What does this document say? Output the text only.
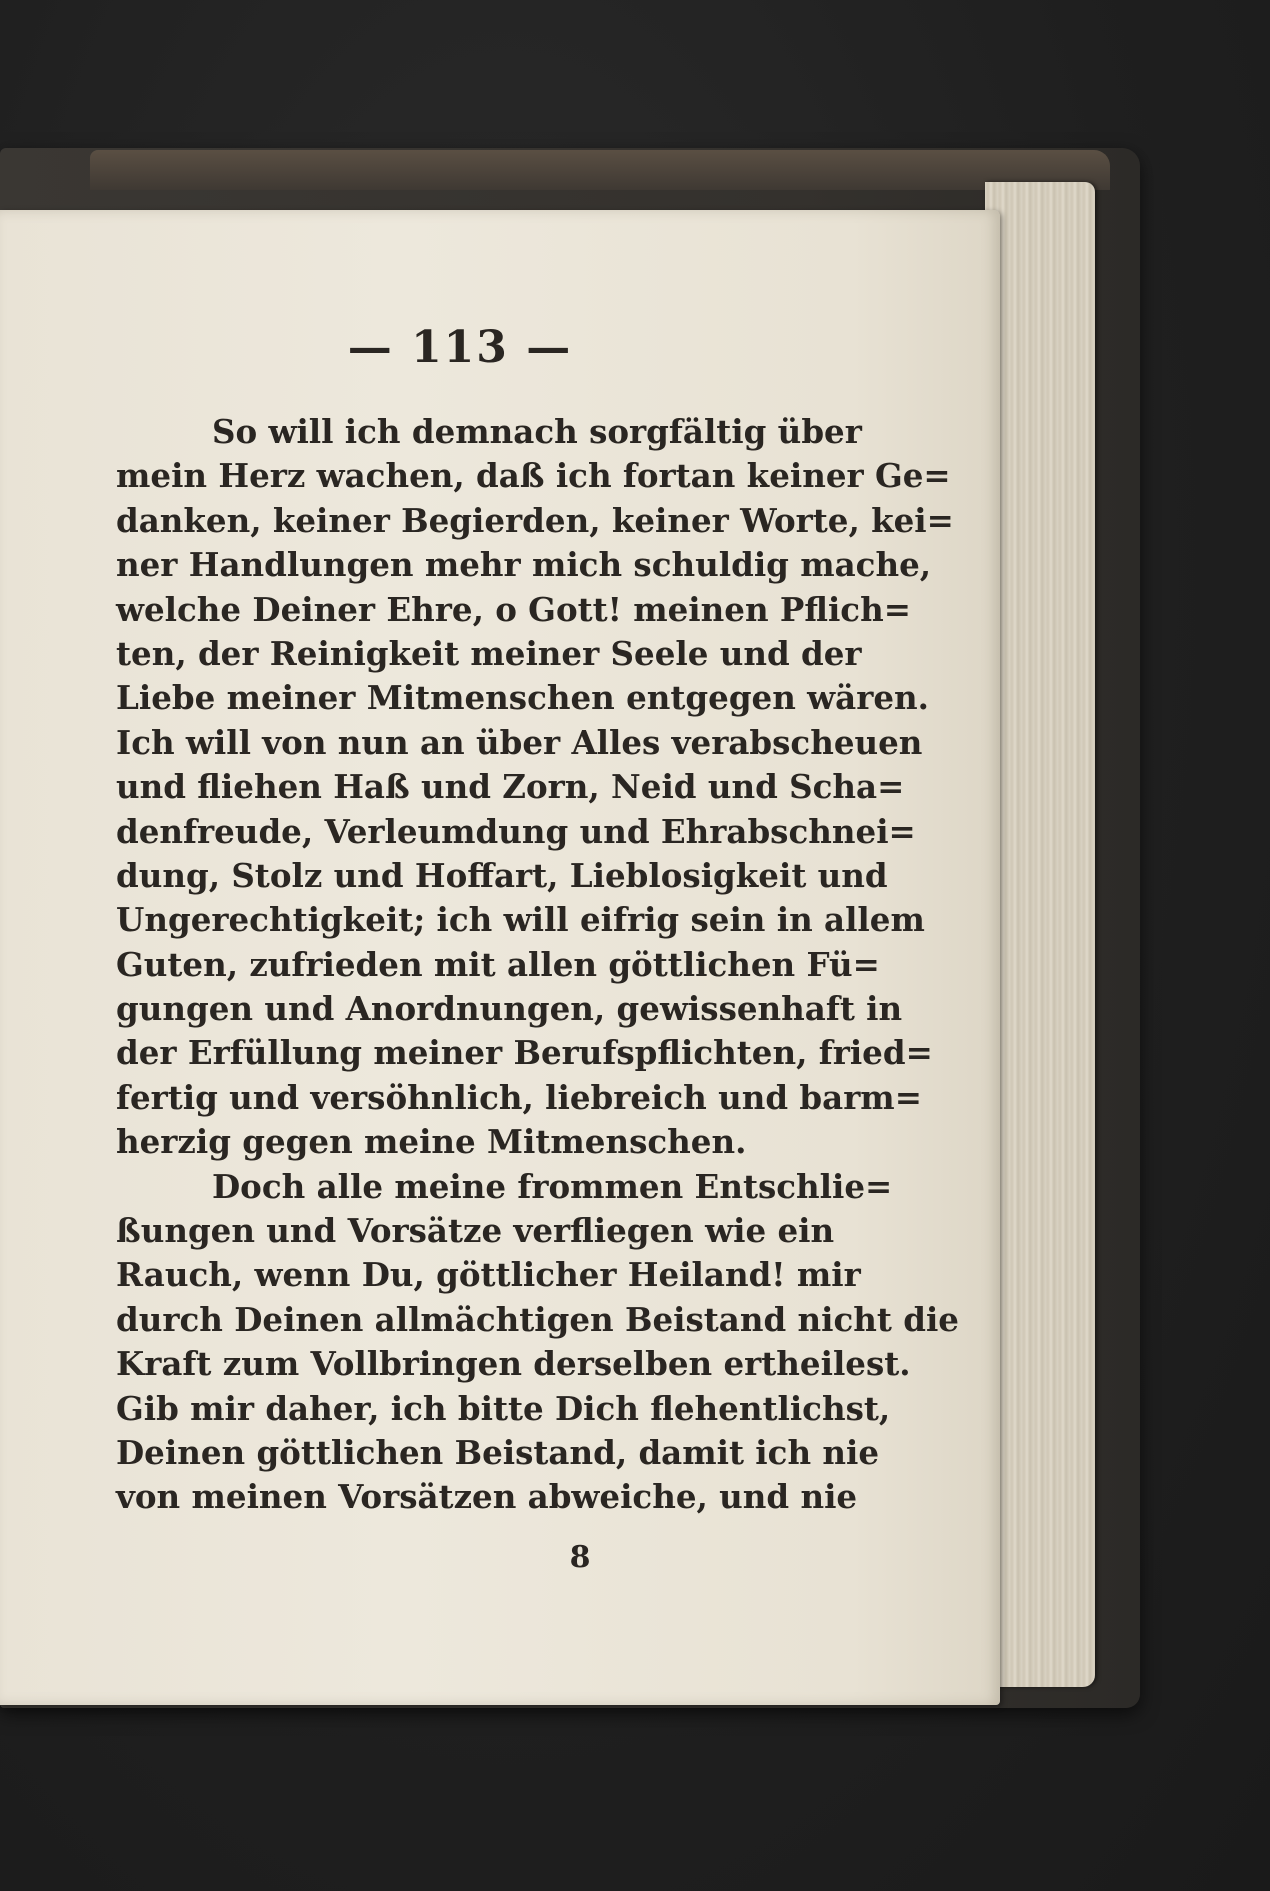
— 113 —
So will ich demnach sorgfältig über
mein Herz wachen, daß ich fortan keiner Ge=
danken, keiner Begierden, keiner Worte, kei=
ner Handlungen mehr mich schuldig mache,
welche Deiner Ehre, o Gott! meinen Pflich=
ten, der Reinigkeit meiner Seele und der
Liebe meiner Mitmenschen entgegen wären.
Ich will von nun an über Alles verabscheuen
und fliehen Haß und Zorn, Neid und Scha=
denfreude, Verleumdung und Ehrabschnei=
dung, Stolz und Hoffart, Lieblosigkeit und
Ungerechtigkeit; ich will eifrig sein in allem
Guten, zufrieden mit allen göttlichen Fü=
gungen und Anordnungen, gewissenhaft in
der Erfüllung meiner Berufspflichten, fried=
fertig und versöhnlich, liebreich und barm=
herzig gegen meine Mitmenschen.
Doch alle meine frommen Entschlie=
ßungen und Vorsätze verfliegen wie ein
Rauch, wenn Du, göttlicher Heiland! mir
durch Deinen allmächtigen Beistand nicht die
Kraft zum Vollbringen derselben ertheilest.
Gib mir daher, ich bitte Dich flehentlichst,
Deinen göttlichen Beistand, damit ich nie
von meinen Vorsätzen abweiche, und nie
8
